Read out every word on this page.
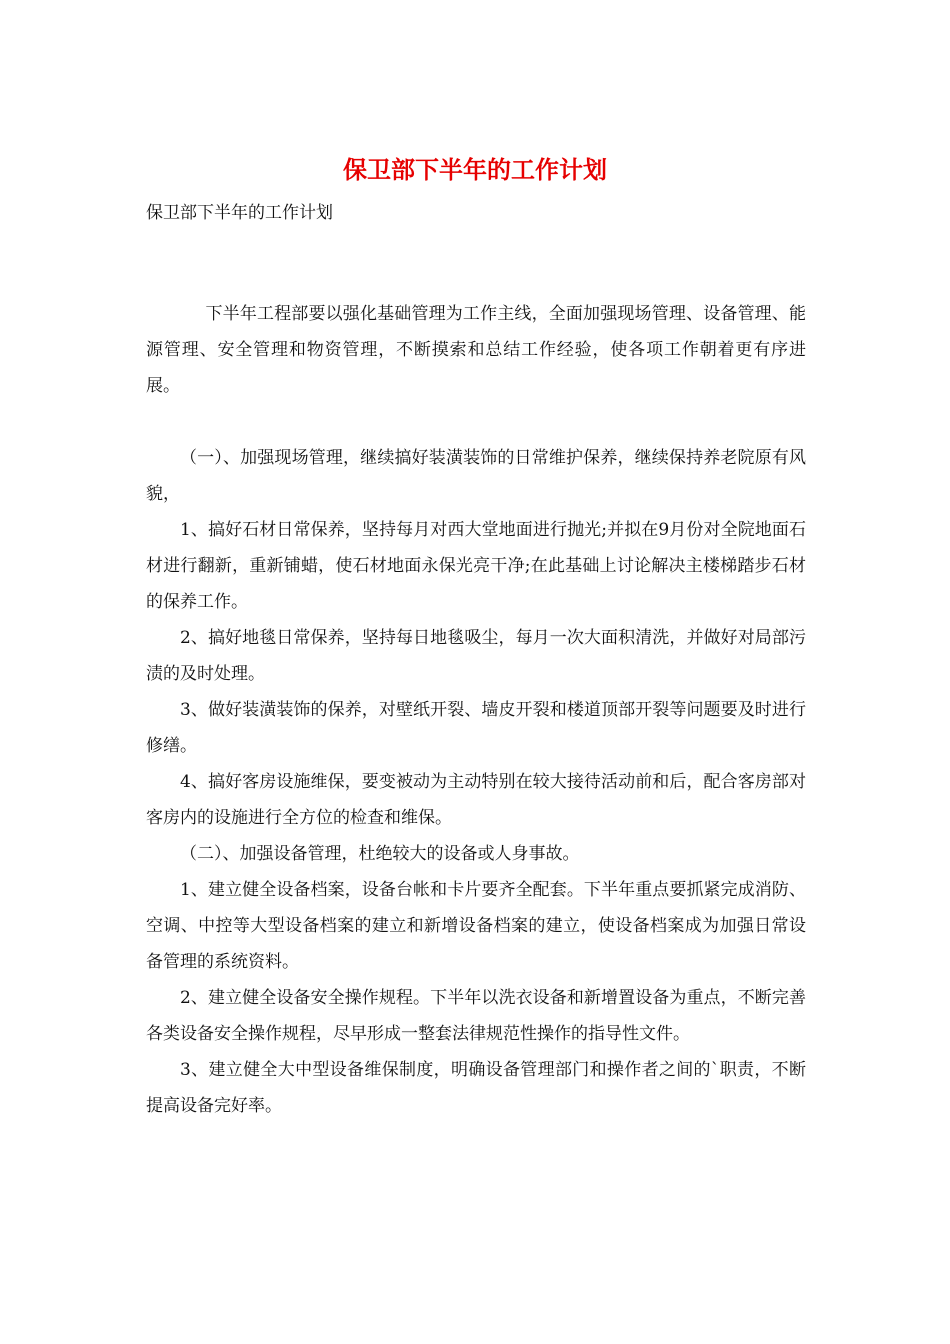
保卫部下半年的工作计划
保卫部下半年的工作计划

下半年工程部要以强化基础管理为工作主线，全面加强现场管理、设备管理、能源管理、安全管理和物资管理，不断摸索和总结工作经验，使各项工作朝着更有序进展。

（一）、加强现场管理，继续搞好装潢装饰的日常维护保养，继续保持养老院原有风貌，

1、搞好石材日常保养，坚持每月对西大堂地面进行抛光;并拟在9月份对全院地面石材进行翻新，重新铺蜡，使石材地面永保光亮干净;在此基础上讨论解决主楼梯踏步石材的保养工作。

2、搞好地毯日常保养，坚持每日地毯吸尘，每月一次大面积清洗，并做好对局部污渍的及时处理。

3、做好装潢装饰的保养，对壁纸开裂、墙皮开裂和楼道顶部开裂等问题要及时进行修缮。

4、搞好客房设施维保，要变被动为主动特别在较大接待活动前和后，配合客房部对客房内的设施进行全方位的检查和维保。

（二）、加强设备管理，杜绝较大的设备或人身事故。

1、建立健全设备档案，设备台帐和卡片要齐全配套。下半年重点要抓紧完成消防、空调、中控等大型设备档案的建立和新增设备档案的建立，使设备档案成为加强日常设备管理的系统资料。

2、建立健全设备安全操作规程。下半年以洗衣设备和新增置设备为重点，不断完善各类设备安全操作规程，尽早形成一整套法律规范性操作的指导性文件。

3、建立健全大中型设备维保制度，明确设备管理部门和操作者之间的`职责，不断提高设备完好率。
